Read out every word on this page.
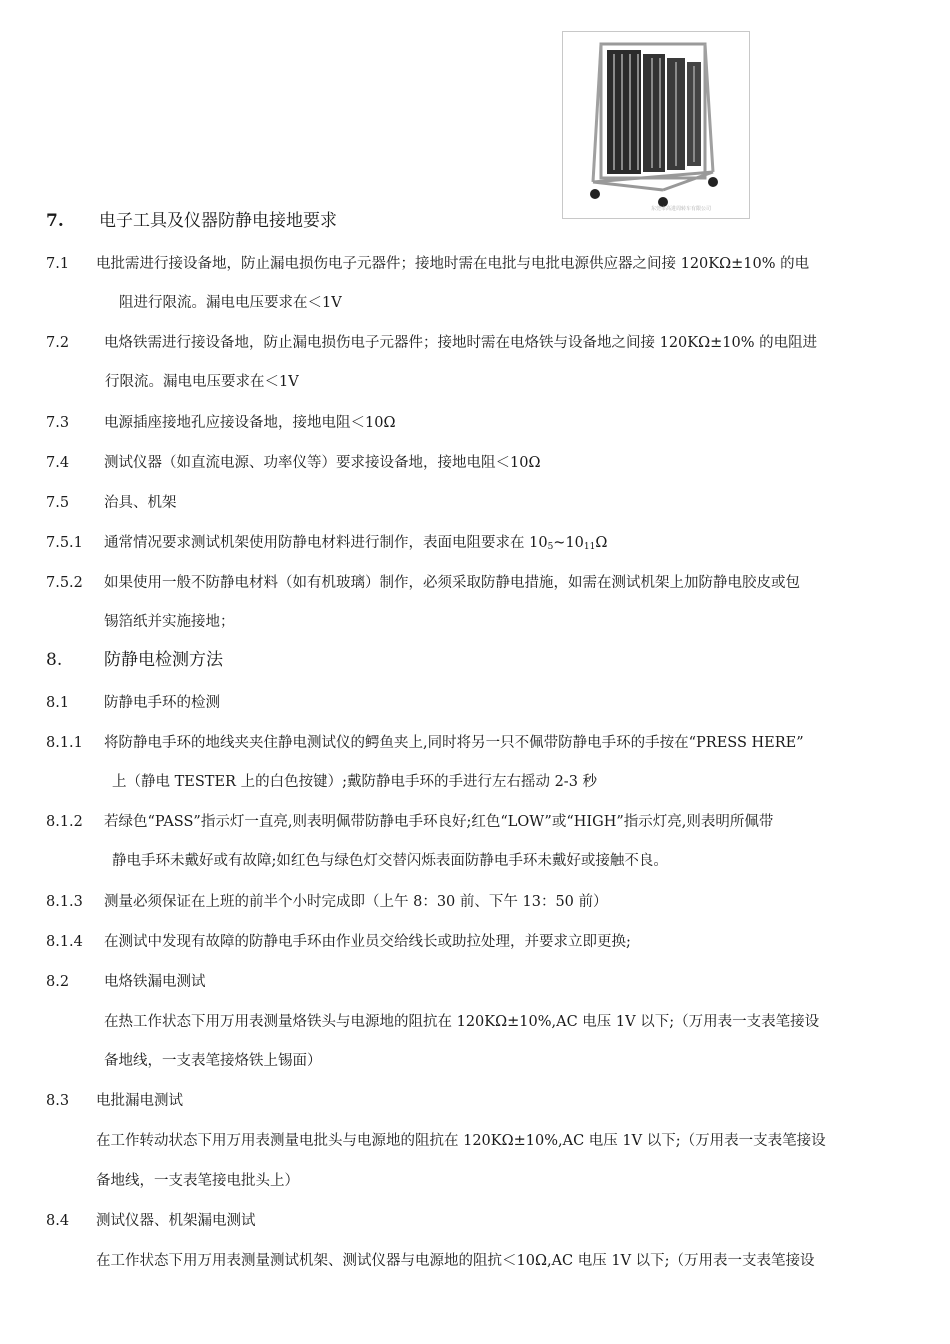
东莞市高进周转车有限公司
7. 电子工具及仪器防静电接地要求
7.1 电批需进行接设备地，防止漏电损伤电子元器件；接地时需在电批与电批电源供应器之间接 120KΩ±10% 的电
阻进行限流。漏电电压要求在＜1V
7.2 电烙铁需进行接设备地，防止漏电损伤电子元器件；接地时需在电烙铁与设备地之间接 120KΩ±10% 的电阻进
行限流。漏电电压要求在＜1V
7.3 电源插座接地孔应接设备地，接地电阻＜10Ω
7.4 测试仪器（如直流电源、功率仪等）要求接设备地，接地电阻＜10Ω
7.5 治具、机架
7.5.1 通常情况要求测试机架使用防静电材料进行制作，表面电阻要求在 $10_5\sim 10_{11}\Omega$
7.5.2 如果使用一般不防静电材料（如有机玻璃）制作，必须采取防静电措施，如需在测试机架上加防静电胶皮或包
锡箔纸并实施接地；
8. 防静电检测方法
8.1 防静电手环的检测
8.1.1 将防静电手环的地线夹夹住静电测试仪的鳄鱼夹上,同时将另一只不佩带防静电手环的手按在“PRESS HERE”
上（静电 TESTER 上的白色按键）;戴防静电手环的手进行左右摇动 2-3 秒
8.1.2 若绿色“PASS”指示灯一直亮,则表明佩带防静电手环良好;红色“LOW”或“HIGH”指示灯亮,则表明所佩带
静电手环未戴好或有故障;如红色与绿色灯交替闪烁表面防静电手环未戴好或接触不良。
8.1.3 测量必须保证在上班的前半个小时完成即（上午 8：30 前、下午 13：50 前）
8.1.4 在测试中发现有故障的防静电手环由作业员交给线长或助拉处理，并要求立即更换;
8.2 电烙铁漏电测试
在热工作状态下用万用表测量烙铁头与电源地的阻抗在 120KΩ±10%,AC 电压 1V 以下;（万用表一支表笔接设
备地线，一支表笔接烙铁上锡面）
8.3 电批漏电测试
在工作转动状态下用万用表测量电批头与电源地的阻抗在 120KΩ±10%,AC 电压 1V 以下;（万用表一支表笔接设
备地线，一支表笔接电批头上）
8.4 测试仪器、机架漏电测试
在工作状态下用万用表测量测试机架、测试仪器与电源地的阻抗＜10Ω,AC 电压 1V 以下;（万用表一支表笔接设
